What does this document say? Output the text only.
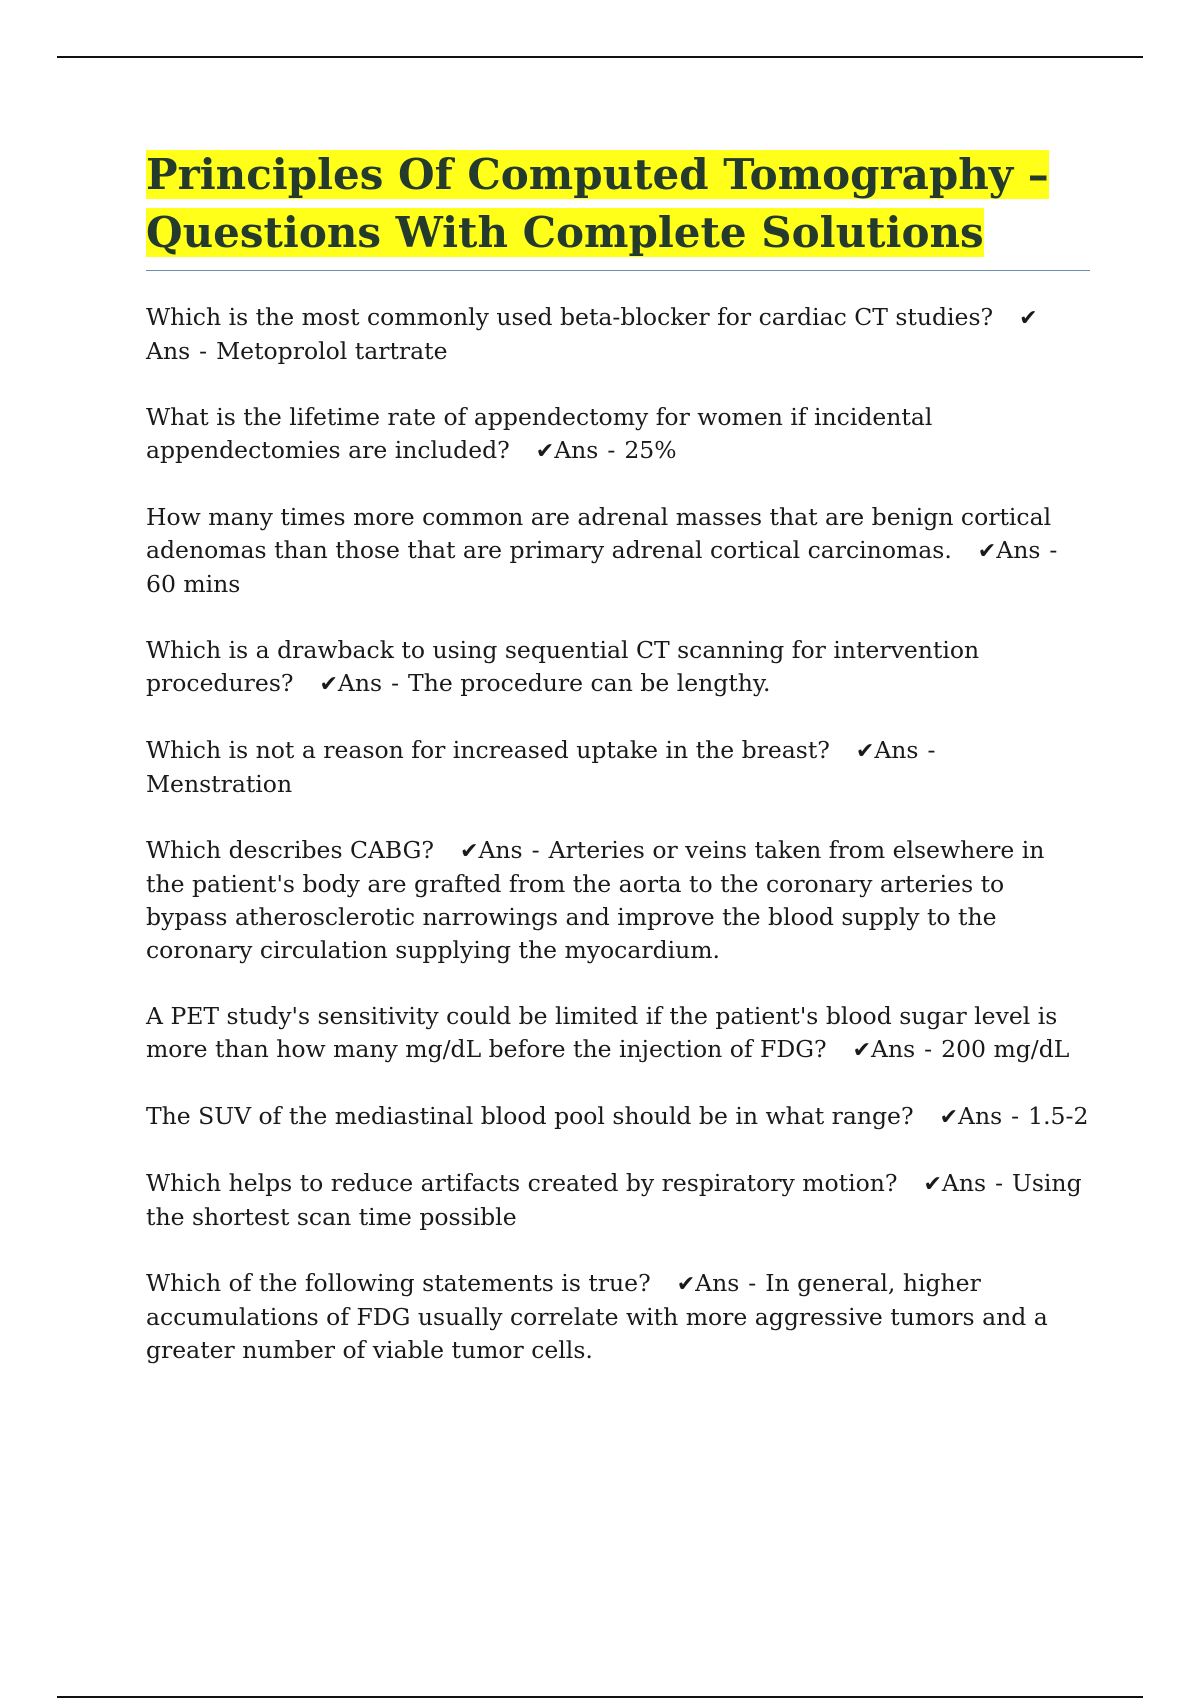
Principles Of Computed Tomography –
Questions With Complete Solutions

Which is the most commonly used beta-blocker for cardiac CT studies? ✔Ans - Metoprolol tartrate

What is the lifetime rate of appendectomy for women if incidental appendectomies are included? ✔Ans - 25%

How many times more common are adrenal masses that are benign cortical adenomas than those that are primary adrenal cortical carcinomas. ✔Ans -60 mins

Which is a drawback to using sequential CT scanning for intervention procedures? ✔Ans - The procedure can be lengthy.

Which is not a reason for increased uptake in the breast? ✔Ans -Menstration

Which describes CABG? ✔Ans - Arteries or veins taken from elsewhere in the patient's body are grafted from the aorta to the coronary arteries to bypass atherosclerotic narrowings and improve the blood supply to the coronary circulation supplying the myocardium.

A PET study's sensitivity could be limited if the patient's blood sugar level is more than how many mg/dL before the injection of FDG? ✔Ans - 200 mg/dL

The SUV of the mediastinal blood pool should be in what range? ✔Ans - 1.5-2

Which helps to reduce artifacts created by respiratory motion? ✔Ans - Using the shortest scan time possible

Which of the following statements is true? ✔Ans - In general, higher accumulations of FDG usually correlate with more aggressive tumors and a greater number of viable tumor cells.
